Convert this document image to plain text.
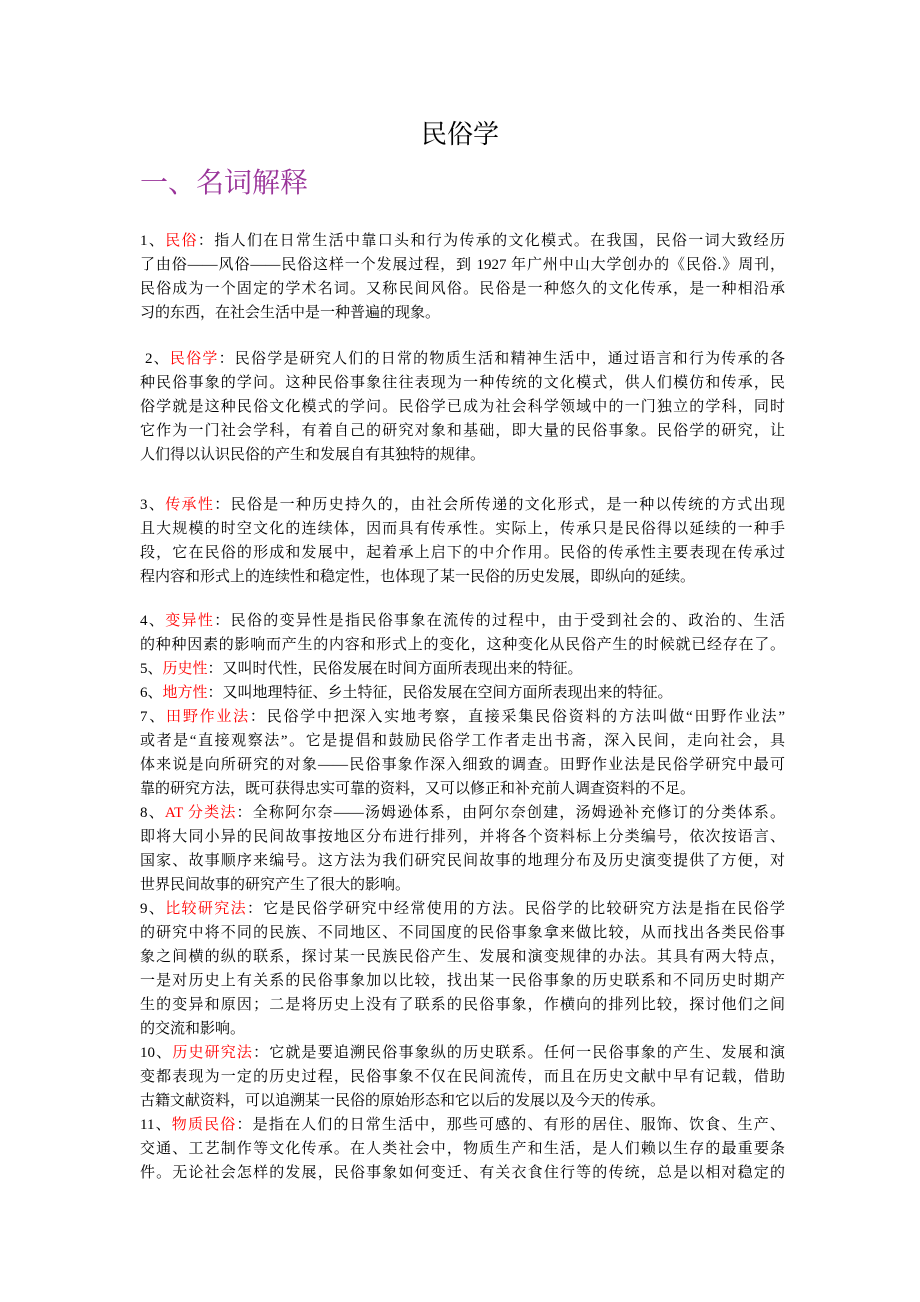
民俗学
一、名词解释
1、民俗：指人们在日常生活中靠口头和行为传承的文化模式。在我国，民俗一词大致经历
了由俗——风俗——民俗这样一个发展过程，到 1927 年广州中山大学创办的《民俗.》周刊，
民俗成为一个固定的学术名词。又称民间风俗。民俗是一种悠久的文化传承，是一种相沿承
习的东西，在社会生活中是一种普遍的现象。
2、民俗学：民俗学是研究人们的日常的物质生活和精神生活中，通过语言和行为传承的各
种民俗事象的学问。这种民俗事象往往表现为一种传统的文化模式，供人们模仿和传承，民
俗学就是这种民俗文化模式的学问。民俗学已成为社会科学领域中的一门独立的学科，同时
它作为一门社会学科，有着自己的研究对象和基础，即大量的民俗事象。民俗学的研究，让
人们得以认识民俗的产生和发展自有其独特的规律。
3、传承性：民俗是一种历史持久的，由社会所传递的文化形式，是一种以传统的方式出现
且大规模的时空文化的连续体，因而具有传承性。实际上，传承只是民俗得以延续的一种手
段，它在民俗的形成和发展中，起着承上启下的中介作用。民俗的传承性主要表现在传承过
程内容和形式上的连续性和稳定性，也体现了某一民俗的历史发展，即纵向的延续。
4、变异性：民俗的变异性是指民俗事象在流传的过程中，由于受到社会的、政治的、生活
的种种因素的影响而产生的内容和形式上的变化，这种变化从民俗产生的时候就已经存在了。
5、历史性：又叫时代性，民俗发展在时间方面所表现出来的特征。
6、地方性：又叫地理特征、乡土特征，民俗发展在空间方面所表现出来的特征。
7、田野作业法：民俗学中把深入实地考察，直接采集民俗资料的方法叫做“田野作业法”
或者是“直接观察法”。它是提倡和鼓励民俗学工作者走出书斋，深入民间，走向社会，具
体来说是向所研究的对象——民俗事象作深入细致的调查。田野作业法是民俗学研究中最可
靠的研究方法，既可获得忠实可靠的资料，又可以修正和补充前人调查资料的不足。
8、AT 分类法：全称阿尔奈——汤姆逊体系，由阿尔奈创建，汤姆逊补充修订的分类体系。
即将大同小异的民间故事按地区分布进行排列，并将各个资料标上分类编号，依次按语言、
国家、故事顺序来编号。这方法为我们研究民间故事的地理分布及历史演变提供了方便，对
世界民间故事的研究产生了很大的影响。
9、比较研究法：它是民俗学研究中经常使用的方法。民俗学的比较研究方法是指在民俗学
的研究中将不同的民族、不同地区、不同国度的民俗事象拿来做比较，从而找出各类民俗事
象之间横的纵的联系，探讨某一民族民俗产生、发展和演变规律的办法。其具有两大特点，
一是对历史上有关系的民俗事象加以比较，找出某一民俗事象的历史联系和不同历史时期产
生的变异和原因；二是将历史上没有了联系的民俗事象，作横向的排列比较，探讨他们之间
的交流和影响。
10、历史研究法：它就是要追溯民俗事象纵的历史联系。任何一民俗事象的产生、发展和演
变都表现为一定的历史过程，民俗事象不仅在民间流传，而且在历史文献中早有记载，借助
古籍文献资料，可以追溯某一民俗的原始形态和它以后的发展以及今天的传承。
11、物质民俗：是指在人们的日常生活中，那些可感的、有形的居住、服饰、饮食、生产、
交通、工艺制作等文化传承。在人类社会中，物质生产和生活，是人们赖以生存的最重要条
件。无论社会怎样的发展，民俗事象如何变迁、有关衣食住行等的传统，总是以相对稳定的
